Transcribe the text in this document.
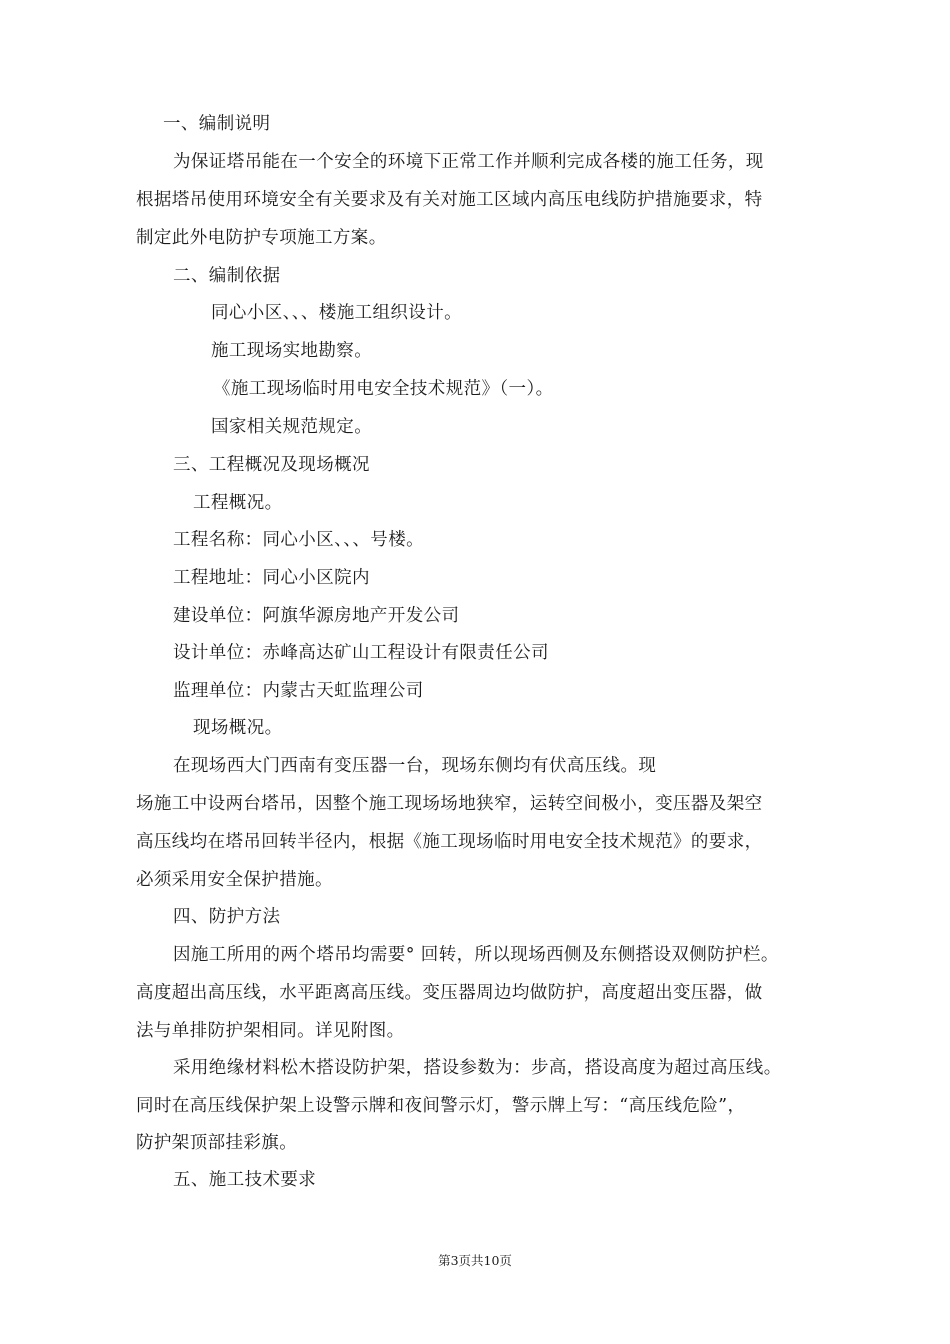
一、编制说明
为保证塔吊能在一个安全的环境下正常工作并顺利完成各楼的施工任务，现
根据塔吊使用环境安全有关要求及有关对施工区域内高压电线防护措施要求，特
制定此外电防护专项施工方案。
二、编制依据
同心小区、、、楼施工组织设计。
施工现场实地勘察。
《施工现场临时用电安全技术规范》（一）。
国家相关规范规定。
三、工程概况及现场概况
工程概况。
工程名称：同心小区、、、号楼。
工程地址：同心小区院内
建设单位：阿旗华源房地产开发公司
设计单位：赤峰高达矿山工程设计有限责任公司
监理单位：内蒙古天虹监理公司
现场概况。
在现场西大门西南有变压器一台，现场东侧均有伏高压线。现
场施工中设两台塔吊，因整个施工现场场地狭窄，运转空间极小，变压器及架空
高压线均在塔吊回转半径内，根据《施工现场临时用电安全技术规范》的要求，
必须采用安全保护措施。
四、防护方法
因施工所用的两个塔吊均需要° 回转，所以现场西侧及东侧搭设双侧防护栏。
高度超出高压线，水平距离高压线。变压器周边均做防护，高度超出变压器，做
法与单排防护架相同。详见附图。
采用绝缘材料松木搭设防护架，搭设参数为：步高，搭设高度为超过高压线。
同时在高压线保护架上设警示牌和夜间警示灯，警示牌上写：“高压线危险”，
防护架顶部挂彩旗。
五、施工技术要求
第3页共10页
